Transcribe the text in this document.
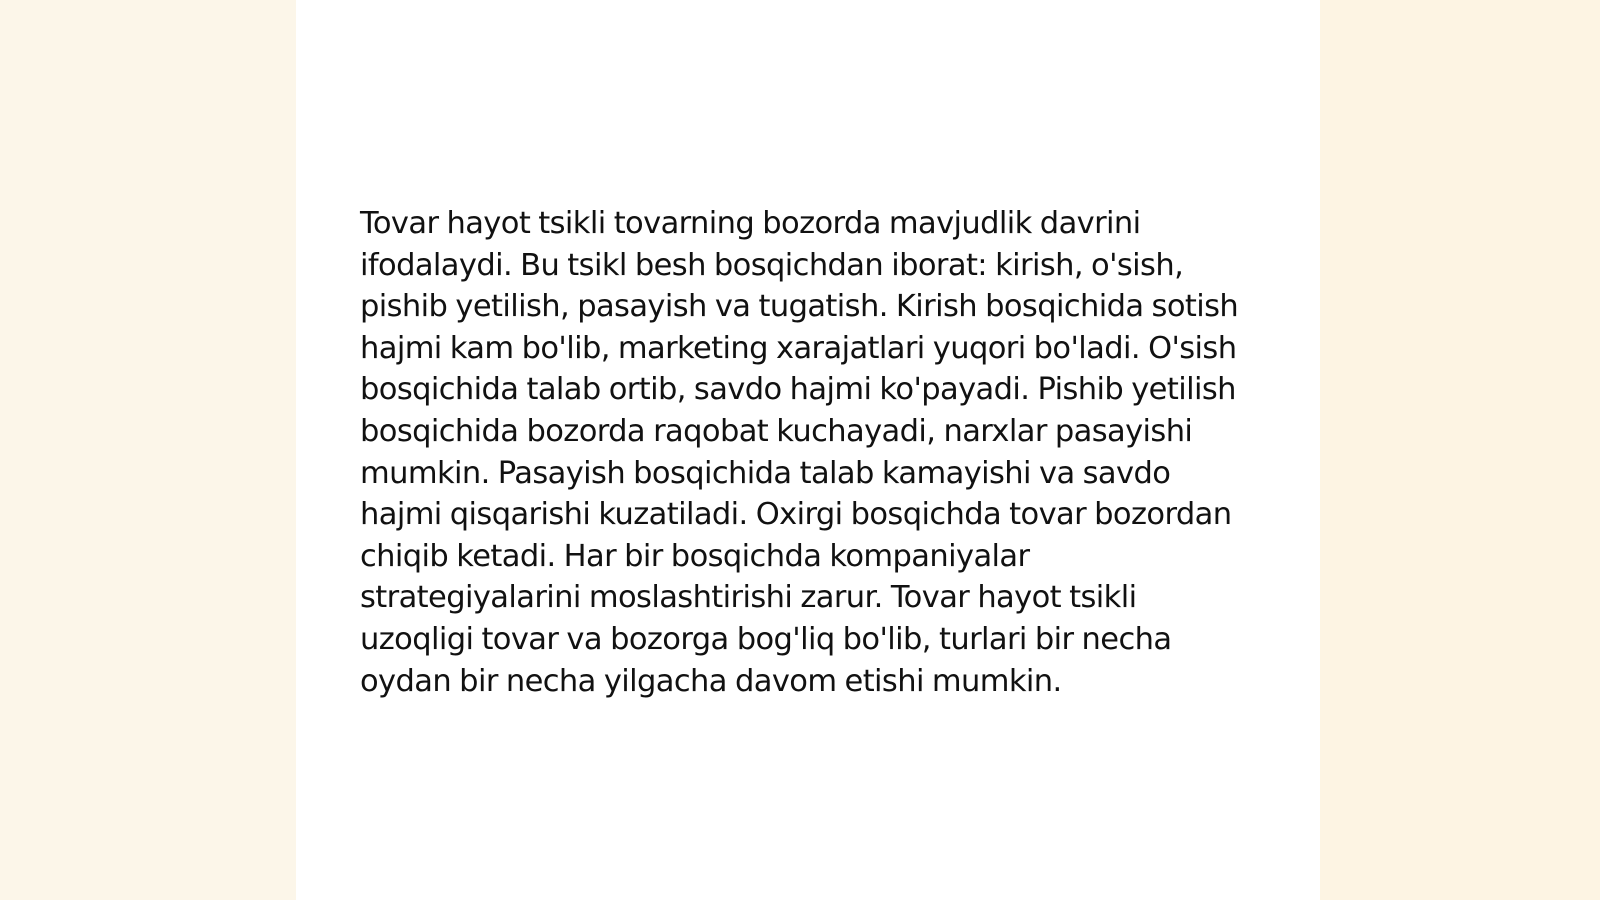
Tovar hayot tsikli tovarning bozorda mavjudlik davrini ifodalaydi. Bu tsikl besh bosqichdan iborat: kirish, o'sish, pishib yetilish, pasayish va tugatish. Kirish bosqichida sotish hajmi kam bo'lib, marketing xarajatlari yuqori bo'ladi. O'sish bosqichida talab ortib, savdo hajmi ko'payadi. Pishib yetilish bosqichida bozorda raqobat kuchayadi, narxlar pasayishi mumkin. Pasayish bosqichida talab kamayishi va savdo hajmi qisqarishi kuzatiladi. Oxirgi bosqichda tovar bozordan chiqib ketadi. Har bir bosqichda kompaniyalar strategiyalarini moslashtirishi zarur. Tovar hayot tsikli uzoqligi tovar va bozorga bog'liq bo'lib, turlari bir necha oydan bir necha yilgacha davom etishi mumkin.
